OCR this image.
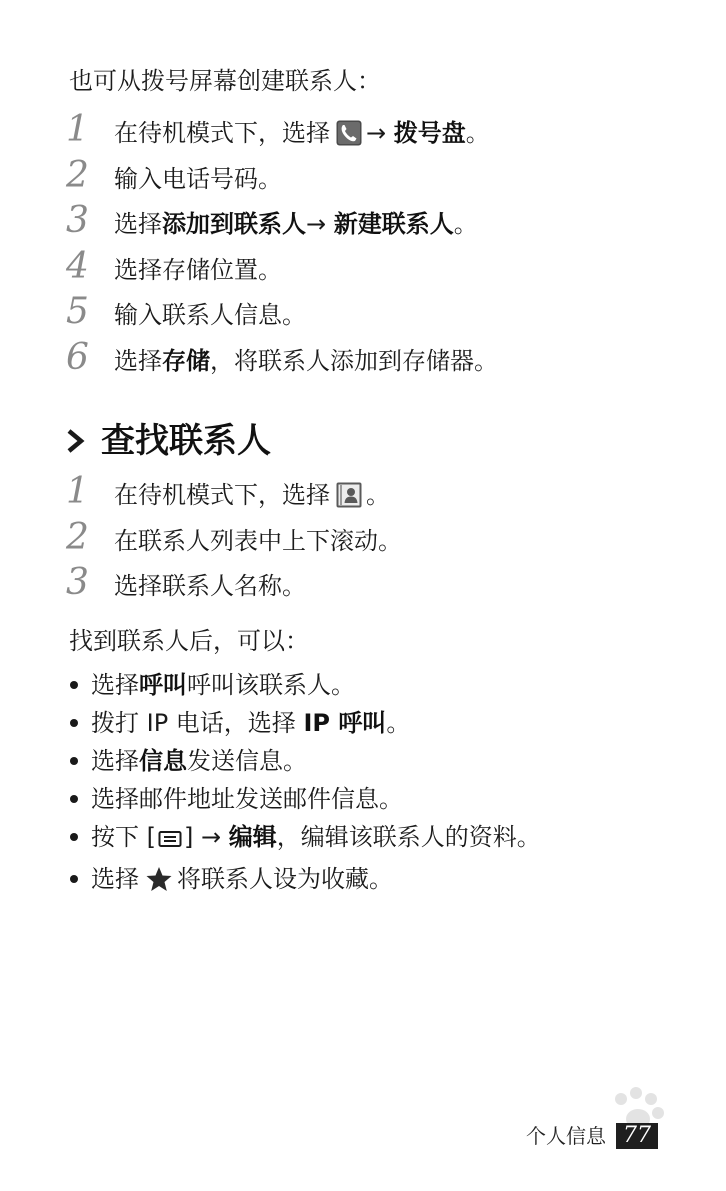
也可从拨号屏幕创建联系人：
1 在待机模式下，选择 → 拨号盘。
2 输入电话号码。
3 选择添加到联系人→ 新建联系人。
4 选择存储位置。
5 输入联系人信息。
6 选择存储，将联系人添加到存储器。
查找联系人
1 在待机模式下，选择 。
2 在联系人列表中上下滚动。
3 选择联系人名称。
找到联系人后，可以：
选择呼叫呼叫该联系人。
拨打 IP 电话，选择 IP 呼叫。
选择信息发送信息。
选择邮件地址发送邮件信息。
按下 [ ] → 编辑，编辑该联系人的资料。
选择 将联系人设为收藏。
个人信息 77
